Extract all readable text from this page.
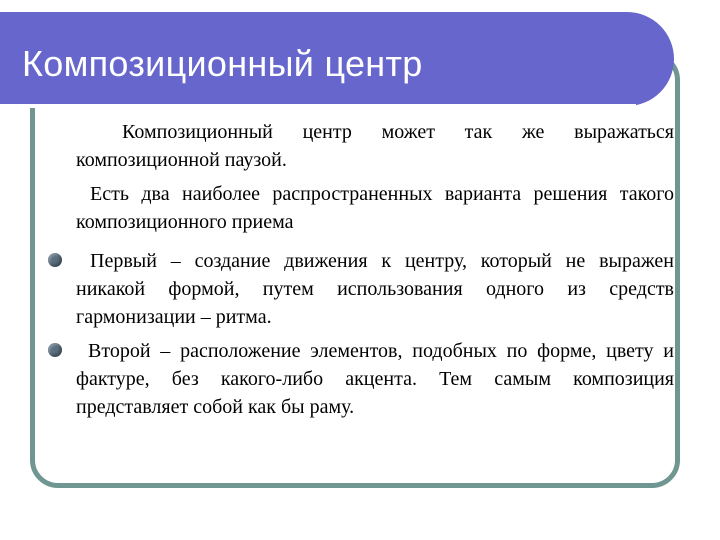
Композиционный центр

Композиционный центр может так же выражаться композиционной паузой.

Есть два наиболее распространенных варианта решения такого композиционного приема

Первый – создание движения к центру, который не выражен никакой формой, путем использования одного из средств гармонизации – ритма.
Второй – расположение элементов, подобных по форме, цвету и фактуре, без какого-либо акцента. Тем самым композиция представляет собой как бы раму.
